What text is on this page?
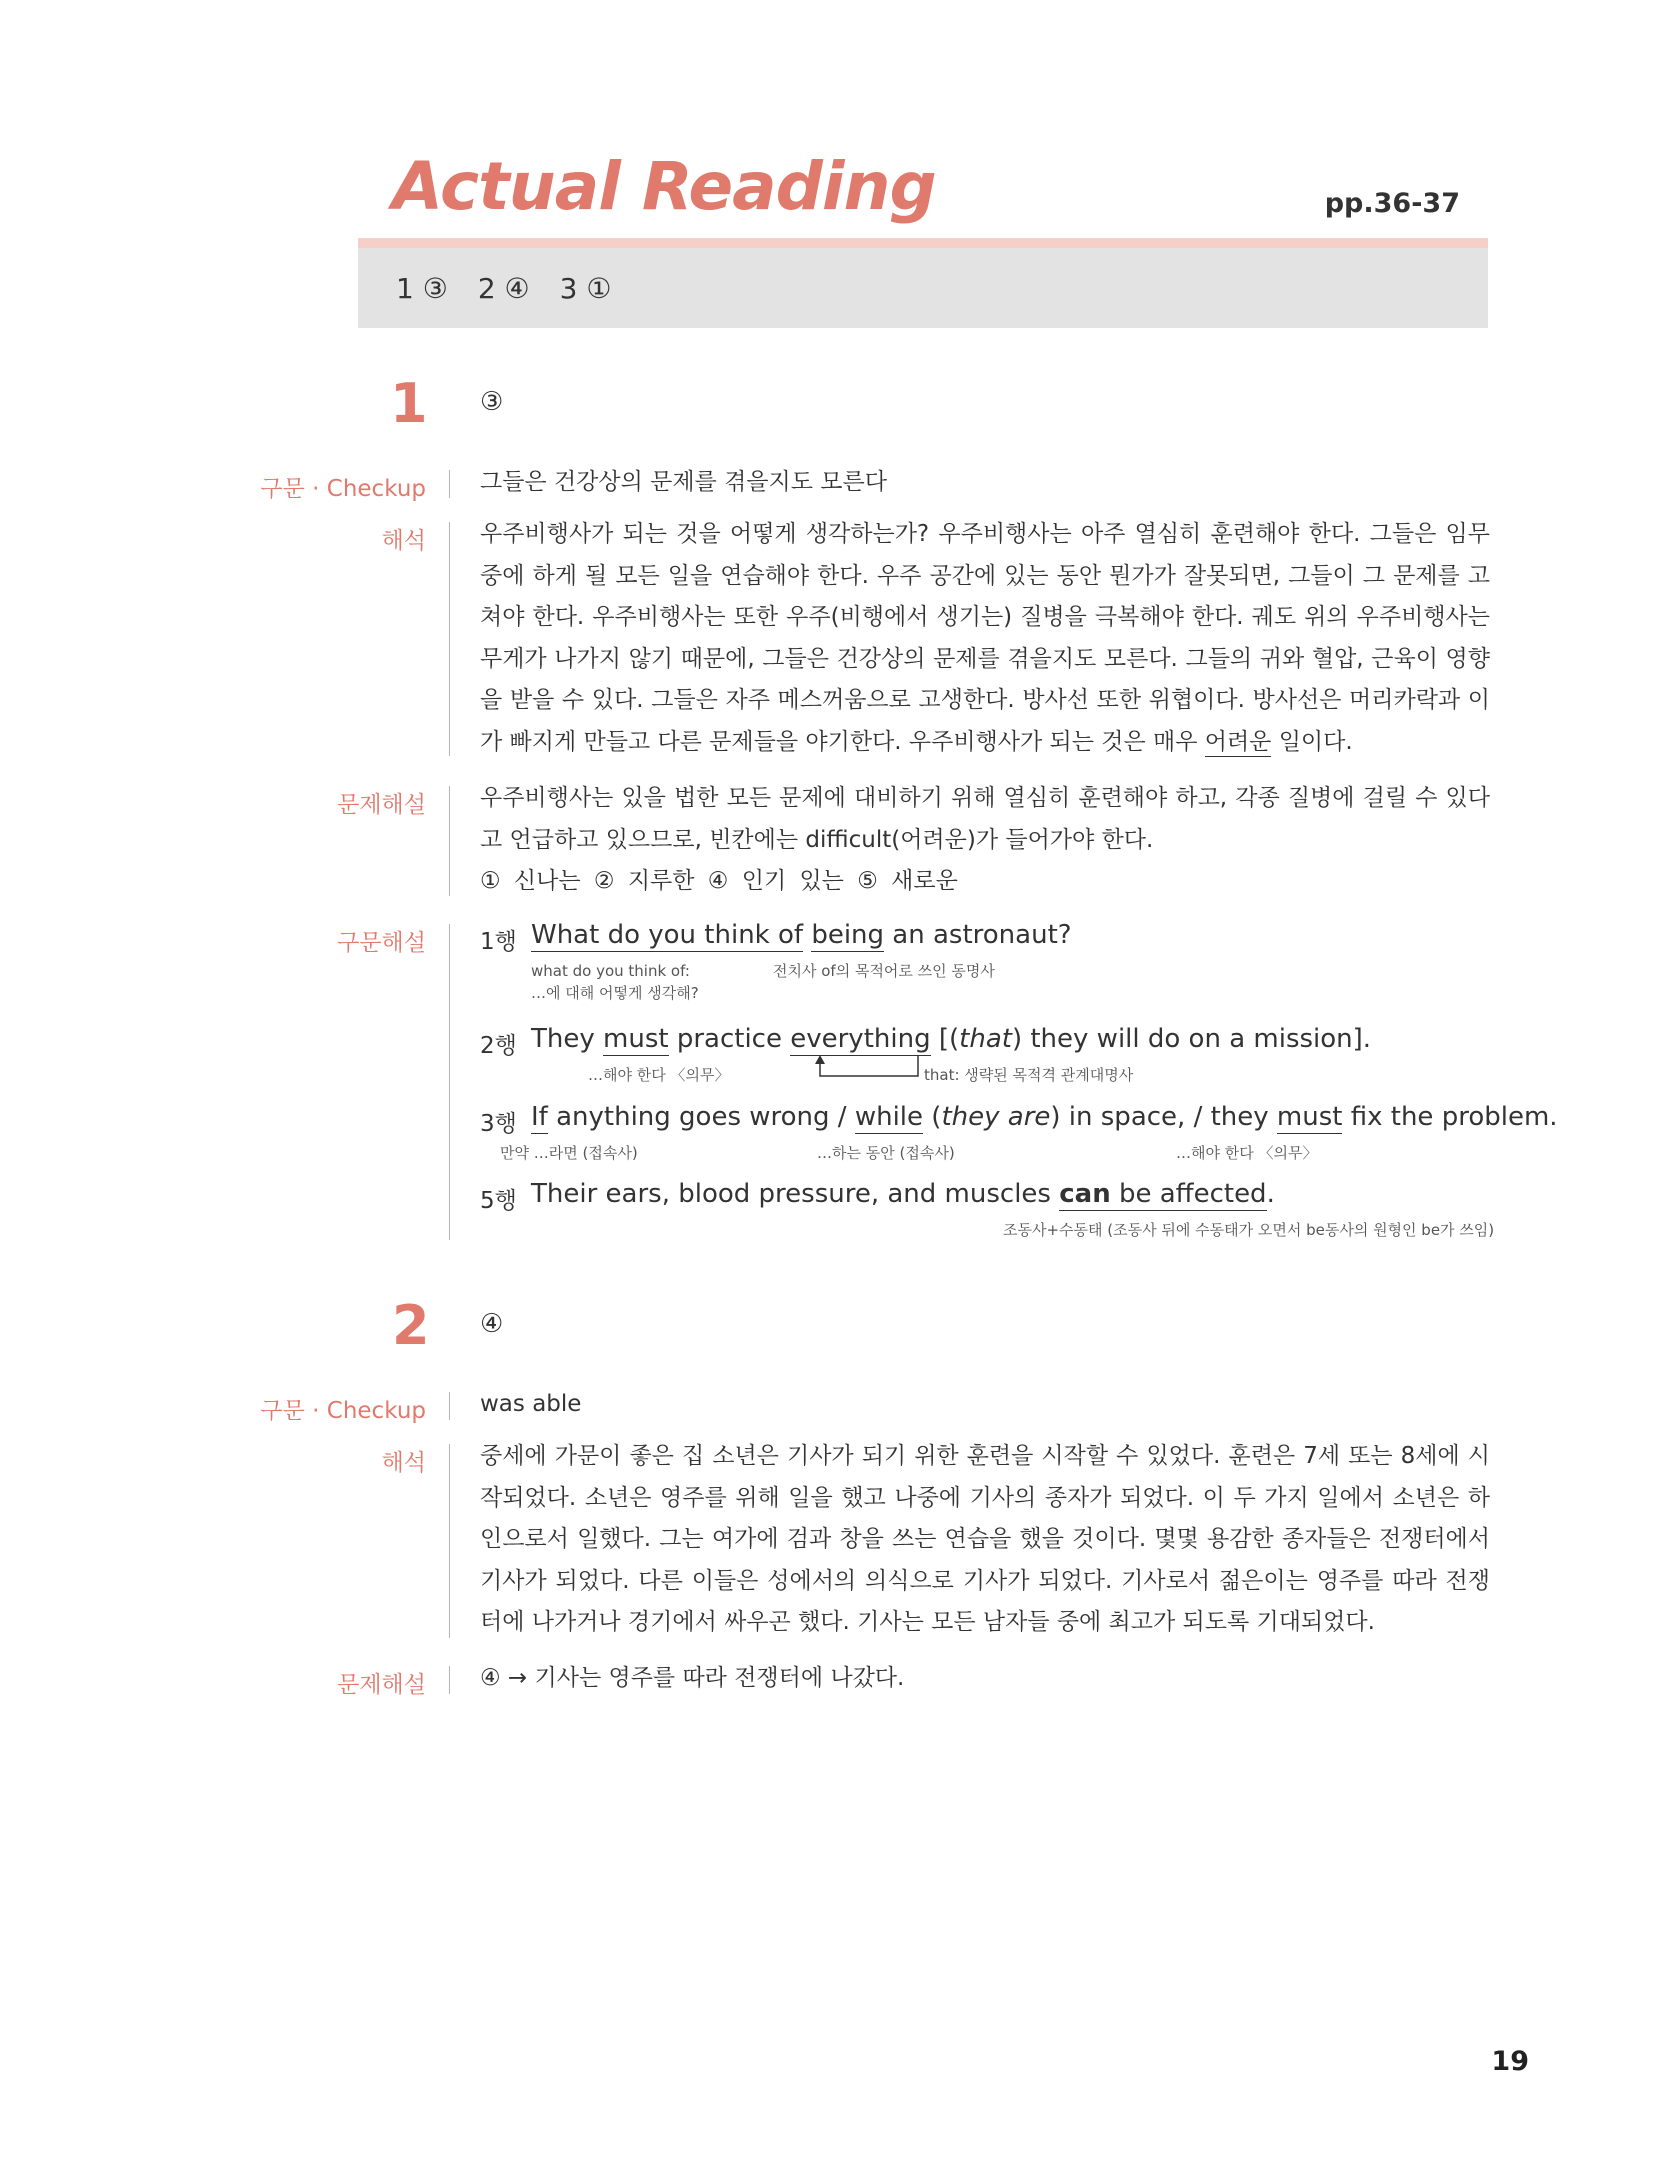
Actual Reading	pp.36-37
1 ③ 2 ④ 3 ①
1 ③
구문 · Checkup 그들은 건강상의 문제를 겪을지도 모른다
해석 우주비행사가 되는 것을 어떻게 생각하는가? 우주비행사는 아주 열심히 훈련해야 한다. 그들은 임무 중에 하게 될 모든 일을 연습해야 한다. 우주 공간에 있는 동안 뭔가가 잘못되면, 그들이 그 문제를 고쳐야 한다. 우주비행사는 또한 우주(비행에서 생기는) 질병을 극복해야 한다. 궤도 위의 우주비행사는 무게가 나가지 않기 때문에, 그들은 건강상의 문제를 겪을지도 모른다. 그들의 귀와 혈압, 근육이 영향을 받을 수 있다. 그들은 자주 메스꺼움으로 고생한다. 방사선 또한 위협이다. 방사선은 머리카락과 이가 빠지게 만들고 다른 문제들을 야기한다. 우주비행사가 되는 것은 매우 어려운 일이다.
문제해설 우주비행사는 있을 법한 모든 문제에 대비하기 위해 열심히 훈련해야 하고, 각종 질병에 걸릴 수 있다고 언급하고 있으므로, 빈칸에는 difficult(어려운)가 들어가야 한다.
① 신나는 ② 지루한 ④ 인기 있는 ⑤ 새로운
구문해설 1행 What do you think of being an astronaut?
what do you think of:
…에 대해 어떻게 생각해?
전치사 of의 목적어로 쓰인 동명사
2행 They must practice everything [(that) they will do on a mission].
…해야 한다 〈의무〉	that: 생략된 목적격 관계대명사
3행 If anything goes wrong / while (they are) in space, / they must fix the problem.
만약 …라면 (접속사)	…하는 동안 (접속사)	…해야 한다 〈의무〉
5행 Their ears, blood pressure, and muscles can be affected.
조동사+수동태 (조동사 뒤에 수동태가 오면서 be동사의 원형인 be가 쓰임)
2 ④
구문 · Checkup was able
해석 중세에 가문이 좋은 집 소년은 기사가 되기 위한 훈련을 시작할 수 있었다. 훈련은 7세 또는 8세에 시작되었다. 소년은 영주를 위해 일을 했고 나중에 기사의 종자가 되었다. 이 두 가지 일에서 소년은 하인으로서 일했다. 그는 여가에 검과 창을 쓰는 연습을 했을 것이다. 몇몇 용감한 종자들은 전쟁터에서 기사가 되었다. 다른 이들은 성에서의 의식으로 기사가 되었다. 기사로서 젊은이는 영주를 따라 전쟁터에 나가거나 경기에서 싸우곤 했다. 기사는 모든 남자들 중에 최고가 되도록 기대되었다.
문제해설 ④ → 기사는 영주를 따라 전쟁터에 나갔다.
19
